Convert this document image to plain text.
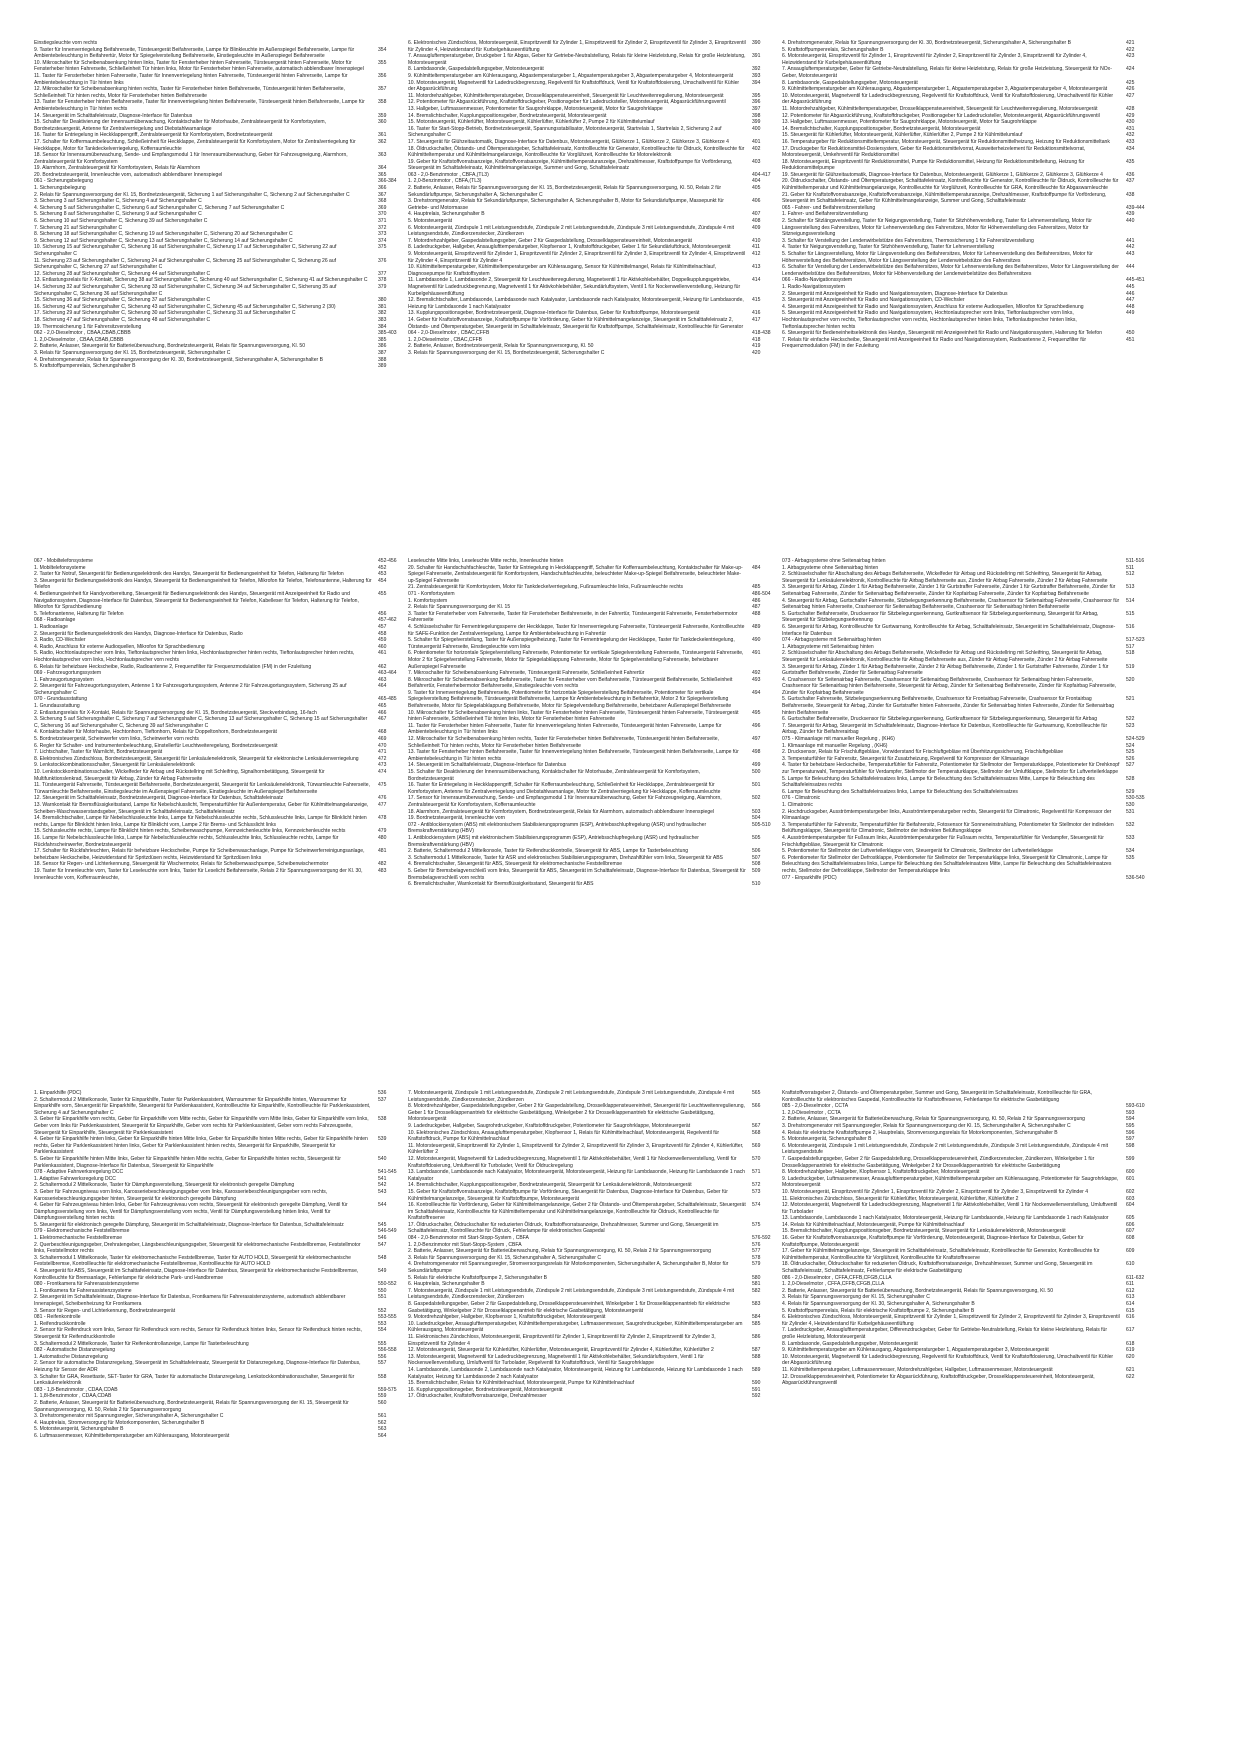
Einstiegsleuchte vorn rechts
9. Taster für Innenverriegelung Beifahrerseite, Türsteuergerät Beifahrerseite, Lampe für Blinkleuchte im Außenspiegel Beifahrerseite, Lampe für Ambientebeleuchtung in Beifahrertür, Motor für Spiegelverstellung Beifahrerseite, Einstiegsleuchte im Außenspiegel Beifahrerseite
354
10. Mikroschalter für Scheibenabsenkung hinten links, Taster für Fensterheber hinten Fahrerseite, Türsteuergerät hinten Fahrerseite, Motor für Fensterheber hinten Fahrerseite, Schließeinheit Tür hinten links, Motor für Fensterheber hinten Fahrerseite, automatisch abblendbarer Innenspiegel
355
11. Taster für Fensterheber hinten Fahrerseite, Taster für Innenverriegelung hinten Fahrerseite, Türsteuergerät hinten Fahrerseite, Lampe für Ambientebeleuchtung in Tür hinten links
356
12. Mikroschalter für Scheibenabsenkung hinten rechts, Taster für Fensterheber hinten Beifahrerseite, Türsteuergerät hinten Beifahrerseite, Schließeinheit Tür hinten rechts, Motor für Fensterheber hinten Beifahrerseite
357
13. Taster für Fensterheber hinten Beifahrerseite, Taster für Innenverriegelung hinten Beifahrerseite, Türsteuergerät hinten Beifahrerseite, Lampe für Ambientebeleuchtung in Tür hinten rechts
358
14. Steuergerät im Schalttafeleinsatz, Diagnose-Interface für Datenbus	359
15. Schalter für Deaktivierung der Innenraumüberwachung, Kontaktschalter für Motorhaube, Zentralsteuergerät für Komfortsystem, Bordnetzsteuergerät, Antenne für Zentralverriegelung und Diebstahlwarnanlage
360
16. Taster für Entriegelung in Heckklappengriff, Zentralsteuergerät für Komfortsystem, Bordnetzsteuergerät	361
17. Schalter für Koffermaumbeleuchtung, Schließeinheit für Heckklappe, Zentralsteuergerät für Komfortsystem, Motor für Zentralverriegelung für Heckklappe, Motor für Tankdeckelverriegelung, Kofferraumleuchte
362
18. Sensor für Innenraumüberwachung, Sende- und Empfangsmodul 1 für Innenraumüberwachung, Geber für Fahrzeugneigung, Alarmhorn, Zentralsteuergerät für Komfortsystem
363
19. Alarmhorn, Zentralsteuergerät für Komfortsystem, Relais für Alarmhorn	364
20. Bordnetzsteuergerät, Innenleuchte vorn, automatisch abblendbarer Innenspiegel	365
061 - Sicherungsbelegung	366-384
1. Sicherungsbelegung	366
2. Relais für Spannungsversorgung der Kl. 15, Bordnetzsteuergerät, Sicherung 1 auf Sicherungshalter C, Sicherung 2 auf Sicherungshalter C	367
3. Sicherung 3 auf Sicherungshalter C, Sicherung 4 auf Sicherungshalter C	368
4. Sicherung 5 auf Sicherungshalter C, Sicherung 6 auf Sicherungshalter C, Sicherung 7 auf Sicherungshalter C	369
5. Sicherung 8 auf Sicherungshalter C, Sicherung 9 auf Sicherungshalter C	370
6. Sicherung 10 auf Sicherungshalter C, Sicherung 39 auf Sicherungshalter C	371
7. Sicherung 21 auf Sicherungshalter C	372
8. Sicherung 18 auf Sicherungshalter C, Sicherung 19 auf Sicherungshalter C, Sicherung 20 auf Sicherungshalter C	373
9. Sicherung 12 auf Sicherungshalter C, Sicherung 13 auf Sicherungshalter C, Sicherung 14 auf Sicherungshalter C	374
10. Sicherung 15 auf Sicherungshalter C, Sicherung 16 auf Sicherungshalter C, Sicherung 17 auf Sicherungshalter C, Sicherung 22 auf Sicherungshalter C
375
11. Sicherung 23 auf Sicherungshalter C, Sicherung 24 auf Sicherungshalter C, Sicherung 25 auf Sicherungshalter C, Sicherung 26 auf Sicherungshalter C, Sicherung 27 auf Sicherungshalter C
376
12. Sicherung 28 auf Sicherungshalter C, Sicherung 44 auf Sicherungshalter C	377
13. Entlastungsrelais für X-Kontakt, Sicherung 38 auf Sicherungshalter C, Sicherung 40 auf Sicherungshalter C, Sicherung 41 auf Sicherungshalter C	378
14. Sicherung 32 auf Sicherungshalter C, Sicherung 33 auf Sicherungshalter C, Sicherung 34 auf Sicherungshalter C, Sicherung 35 auf Sicherungshalter C, Sicherung 36 auf Sicherungshalter C
379
15. Sicherung 36 auf Sicherungshalter C, Sicherung 37 auf Sicherungshalter C	380
16. Sicherung 42 auf Sicherungshalter C, Sicherung 43 auf Sicherungshalter C, Sicherung 45 auf Sicherungshalter C, Sicherung 2 (30)	381
17. Sicherung 29 auf Sicherungshalter C, Sicherung 30 auf Sicherungshalter C, Sicherung 31 auf Sicherungshalter C	382
18. Sicherung 47 auf Sicherungshalter C, Sicherung 48 auf Sicherungshalter C	383
19. Thermosicherung 1 für Fahrersitzverstellung	384
062 - 2,0-Dieselmotor , CBAA,CBAB,CBBB	385-403
1. 2,0-Dieselmotor , CBAA,CBAB,CBBB	385
2. Batterie, Anlasser, Steuergerät für Batterieüberwachung, Bordnetzsteuergerät, Relais für Spannungsversorgung, Kl. 50	386
3. Relais für Spannungsversorgung der Kl. 15, Bordnetzsteuergerät, Sicherungshalter C	387
4. Drehstromgenerator, Relais für Spannungsversorgung der Kl. 30, Bordnetzsteuergerät, Sicherungshalter A, Sicherungshalter B	388
5. Kraftstoffpumpenrelais, Sicherungshalter B	389
6. Elektronisches Zündschloss, Motorsteuergerät, Einspritzventil für Zylinder 1, Einspritzventil für Zylinder 2, Einspritzventil für Zylinder 3, Einspritzventil für Zylinder 4, Heizwiderstand für Kurbelgehäuseentlüftung
390
7. Ansaugluftemperaturgeber, Druckgeber 1 für Abgas, Geber für Getriebe-Neutralstellung, Relais für kleine Heizleistung, Relais für große Heizleistung, Motorsteuergerät
391
8. Lambdasonde, Gaspedalstellungsgeber, Motorsteuergerät	392
9. Kühlmitteltemperaturgeber am Kühlerausgang, Abgastemperaturgeber 1, Abgastemperaturgeber 3, Abgastemperaturgeber 4, Motorsteuergerät	393
10. Motorsteuergerät, Magnetventil für Ladedruckbegrenzung, Regelventil für Kraftstoffdruck, Ventil für Kraftstoffdosierung, Umschaltventil für Kühler der Abgasrückführung
394
11. Motordrehzahlgeber, Kühlmitteltemperaturgeber, Drosselklappensteuereinheit, Steuergerät für Leuchtweitenregulierung, Motorsteuergerät	395
12. Potentiometer für Abgasrückführung, Kraftstoffdruckgeber, Positionsgeber für Ladedrucksteller, Motorsteuergerät, Abgasrückführungsventil	396
13. Hallgeber, Luftmassenmesser, Potentiometer für Saugrohrklappe, Motorsteuergerät, Motor für Saugrohrklappe	397
14. Bremslichtschalter, Kupplungspositionsgeber, Bordnetzsteuergerät, Motorsteuergerät	398
15. Motorsteuergerät, Kühlerlüfter, Motorsteuergerät, Kühlerlüfter, Kühlerlüfter 2, Pumpe 2 für Kühlmittelumlauf	399
16. Taster für Start-Stopp-Betrieb, Bordnetzsteuergerät, Spannungsstabilisator, Motorsteuergerät, Startrelais 1, Startrelais 2, Sicherung 2 auf Sicherungshalter C
400
17. Steuergerät für Glühzeitautomatik, Diagnose-Interface für Datenbus, Motorsteuergerät, Glühkerze 1, Glühkerze 2, Glühkerze 3, Glühkerze 4	401
18. Öldruckschalter, Ölstands- und Öltemperaturgeber, Schalttafeleinsatz, Kontrollleuchte für Generator, Kontrollleuchte für Öldruck, Kontrollleuchte für Kühlmitteltemperatur und Kühlmittelmangelanzeige, Kontrollleuchte für Vorglühzeit, Kontrollleuchte für Motorelektronik
402
19. Geber für Kraftstoffvorratsanzeige, Kraftstoffvorratsanzeige, Kühlmitteltemperaturanzeige, Drehzahlmesser, Kraftstoffpumpe für Vorförderung, Steuergerät im Schalttafeleinsatz, Kühlmittelmangelanzeige, Summer und Gong, Schalttafeleinsatz
403
063 - 2,0-Benzinmotor , CBFA,(TL3)	404-417
1. 2,0-Benzinmotor , CBFA,(TL3)	404
2. Batterie, Anlasser, Relais für Spannungsversorgung der Kl. 15, Bordnetzsteuergerät, Relais für Spannungsversorgung, Kl. 50, Relais 2 für Sekundärluftpumpe, Sicherungshalter A, Sicherungshalter C
405
3. Drehstromgenerator, Relais für Sekundärluftpumpe, Sicherungshalter A, Sicherungshalter B, Motor für Sekundärluftpumpe, Massepunkt für Getriebe- und Motormasse
406
4. Hauptrelais, Sicherungshalter B	407
5. Motorsteuergerät	408
6. Motorsteuergerät, Zündspule 1 mit Leistungsendstufe, Zündspule 2 mit Leistungsendstufe, Zündspule 3 mit Leistungsendstufe, Zündspule 4 mit Leistungsendstufe, Zündkerzenstecker, Zündkerzen
409
7. Motordrehzahlgeber, Gaspedalstellungsgeber, Geber 2 für Gaspedalstellung, Drosselklappensteuereinheit, Motorsteuergerät	410
8. Ladedruckgeber, Hallgeber, Ansauglufttemperaturgeber, Klopfsensor 1, Kraftstoffdruckgeber, Geber 1 für Sekundärluftdruck, Motorsteuergerät	411
9. Motorsteuergerät, Einspritzventil für Zylinder 1, Einspritzventil für Zylinder 2, Einspritzventil für Zylinder 3, Einspritzventil für Zylinder 4, Einspritzventil für Zylinder 4, Einspritzventil für Zylinder 4
412
10. Kühlmitteltemperaturgeber, Kühlmitteltemperaturgeber am Kühlerausgang, Sensor für Kühlmittelmangel, Relais für Kühlmittelnachlauf, Diagnosepumpe für Kraftstoffsystem
413
11. Lambdasonde 1, Lambdasonde 2, Steuergerät für Leuchtweitenregulierung, Magnetventil 1 für Aktivkohlebehälter, Doppelkupplungsgetriebe, Magnetventil für Ladedruckbegrenzung, Magnetventil 1 für Aktivkohlebehälter, Sekundärluftsystem, Ventil 1 für Nockenwellenverstellung, Heizung für Kurbelgehäuseentlüftung
414
12. Bremslichtschalter, Lambdasonde, Lambdasonde nach Katalysator, Lambdasonde nach Katalysator, Motorsteuergerät, Heizung für Lambdasonde, Heizung für Lambdasonde 1 nach Katalysator
415
13. Kupplungspositionsgeber, Bordnetzsteuergerät, Diagnose-Interface für Datenbus, Geber für Kraftstoffpumpe, Motorsteuergerät	416
14. Geber für Kraftstoffvorratsanzeige, Kraftstoffpumpe für Vorförderung, Geber für Kühlmittelmangelanzeige, Steuergerät im Schalttafeleinsatz 2, Ölstands- und Öltemperaturgeber, Steuergerät im Schalttafeleinsatz, Steuergerät für Kraftstoffpumpe, Schalttafeleinsatz, Kontrollleuchte für Generator
417
064 - 2,0-Dieselmotor , CBAC,CFFB	418-438
1. 2,0-Dieselmotor , CBAC,CFFB	418
2. Batterie, Anlasser, Bordnetzsteuergerät, Relais für Spannungsversorgung, Kl. 50	419
3. Relais für Spannungsversorgung der Kl. 15, Bordnetzsteuergerät, Sicherungshalter C	420
4. Drehstromgenerator, Relais für Spannungsversorgung der Kl. 30, Bordnetzsteuergerät, Sicherungshalter A, Sicherungshalter B	421
5. Kraftstoffpumpenrelais, Sicherungshalter B	422
6. Motorsteuergerät, Einspritzventil für Zylinder 1, Einspritzventil für Zylinder 2, Einspritzventil für Zylinder 3, Einspritzventil für Zylinder 4, Heizwiderstand für Kurbelgehäuseentlüftung
423
7. Ansaugluftemperaturgeber, Geber für Getriebe-Neutralstellung, Relais für kleine Heizleistung, Relais für große Heizleistung, Steuergerät für NOx-Geber, Motorsteuergerät
424
8. Lambdasonde, Gaspedalstellungsgeber, Motorsteuergerät	425
9. Kühlmitteltemperaturgeber am Kühlerausgang, Abgastemperaturgeber 1, Abgastemperaturgeber 3, Abgastemperaturgeber 4, Motorsteuergerät	426
10. Motorsteuergerät, Magnetventil für Ladedruckbegrenzung, Regelventil für Kraftstoffdruck, Ventil für Kraftstoffdosierung, Umschaltventil für Kühler der Abgasrückführung
427
11. Motordrehzahlgeber, Kühlmitteltemperaturgeber, Drosselklappensteuereinheit, Steuergerät für Leuchtweitenregulierung, Motorsteuergerät	428
12. Potentiometer für Abgasrückführung, Kraftstoffdruckgeber, Positionsgeber für Ladedrucksteller, Motorsteuergerät, Abgasrückführungsventil	429
13. Hallgeber, Luftmassenmesser, Potentiometer für Saugrohrklappe, Motorsteuergerät, Motor für Saugrohrklappe	430
14. Bremslichtschalter, Kupplungspositionsgeber, Bordnetzsteuergerät, Motorsteuergerät	431
15. Steuergerät für Kühlerlüfter, Motorsteuergerät, Kühlerlüfter, Kühlerlüfter 2, Pumpe 2 für Kühlmittelumlauf	432
16. Temperaturgeber für Reduktionsmitteltemperatur, Motorsteuergerät, Steuergerät für Reduktionsmittelheizung, Heizung für Reduktionsmitteltank	433
17. Drucksgeber für Reduktionsmittel-Dosiersystem, Geber für Reduktionsmittelvorrat, Ausweiterheizelement für Reduktionsmittelvorrat, Motorsteuergerät, Umkehrventil für Reduktionsmittel
434
18. Motorsteuergerät, Einspritzventil für Reduktionsmittel, Pumpe für Reduktionsmittel, Heizung für Reduktionsmittelleitung, Heizung für Reduktionsmittelpumpe
435
19. Steuergerät für Glühzeitautomatik, Diagnose-Interface für Datenbus, Motorsteuergerät, Glühkerze 1, Glühkerze 2, Glühkerze 3, Glühkerze 4	436
20. Öldruckschalter, Ölstands- und Öltemperaturgeber, Schalttafeleinsatz, Kontrollleuchte für Generator, Kontrollleuchte für Öldruck, Kontrollleuchte für Kühlmitteltemperatur und Kühlmittelmangelanzeige, Kontrollleuchte für Vorglühzeit, Kontrollleuchte für GRA, Kontrollleuchte für Abgaswarnleuchte
437
21. Geber für Kraftstoffvorratsanzeige, Kraftstoffvorratsanzeige, Kühlmitteltemperaturanzeige, Drehzahlmesser, Kraftstoffpumpe für Vorförderung, Steuergerät im Schalttafeleinsatz, Geber für Kühlmittelmangelanzeige, Summer und Gong, Schalttafeleinsatz
438
065 - Fahrer- und Beifahrersitzverstellung	439-444
1. Fahrer- und Beifahrersitzverstellung	439
2. Schalter für Sitzlängsverstellung, Taster für Neigungsverstellung, Taster für Sitzhöhenverstellung, Taster für Lehnenverstellung, Motor für Längsverstellung des Fahrersitzes, Motor für Lehnenverstellung des Fahrersitzes, Motor für Höhenverstellung des Fahrersitzes, Motor für Sitzneigungsverstellung
440
3. Schalter für Verstellung der Lendenwirbelstütze des Fahrersitzes, Thermosicherung 1 für Fahrersitzverstellung	441
4. Taster für Neigungsverstellung, Taster für Sitzhöhenverstellung, Taster für Lehnenverstellung	442
5. Schalter für Längsverstellung, Motor für Längsverstellung des Beifahrersitzes, Motor für Lehnenverstellung des Beifahrersitzes, Motor für Höhenverstellung des Beifahrersitzes, Motor für Längsverstellung der Lendenwirbelstütze des Fahrersitzes
443
6. Schalter für Verstellung der Lendenwirbelstütze des Beifahrersitzes, Motor für Lehnenverstellung des Beifahrersitzes, Motor für Längsverstellung der Lendenwirbelstütze des Beifahrersitzes, Motor für Höhenverstellung der Lendenwirbelstütze des Beifahrersitzes
444
066 - Radio-Navigationssystem	445-451
1. Radio-Navigationssystem	445
2. Steuergerät mit Anzeigeeinheit für Radio und Navigationssystem, Diagnose-Interface für Datenbus	446
3. Steuergerät mit Anzeigeeinheit für Radio und Navigationssystem, CD-Wechsler	447
4. Steuergerät mit Anzeigeeinheit für Radio und Navigationssystem, Anschluss für externe Audioquellen, Mikrofon für Sprachbedienung	448
5. Steuergerät mit Anzeigeeinheit für Radio und Navigationssystem, Hochtonlautsprecher vorn links, Tieftonlautsprecher vorn links, Hochtonlautsprecher vorn rechts, Tieftonlautsprecher vorn rechts, Hochtonlautsprecher hinten links, Tieftonlautsprecher hinten links, Tieftonlautsprecher hinten rechts
449
6. Steuergerät für Bedieneinheitselektronik des Handys, Steuergerät mit Anzeigeeinheit für Radio und Navigationssystem, Halterung für Telefon	450
7. Relais für einfache Heckscheibe, Steuergerät mit Anzeigeeinheit für Radio und Navigationssystem, Radioantenne 2, Frequenzfilter für Frequenzmodulation (FM) in der Fzuleitung
451
067 - Mobiltelefonsysteme	452-456
1. Mobiltelefonsysteme	452
2. Taster für Notruf, Steuergerät für Bedienungselektronik des Handys, Steuergerät für Bedienungseinheit für Telefon, Halterung für Telefon	453
3. Steuergerät für Bedienungselektronik des Handys, Steuergerät für Bedienungseinheit für Telefon, Mikrofon für Telefon, Telefonantenne, Halterung für Telefon
454
4. Bedienungseinheit für Handyvorbereitung, Steuergerät für Bedienungselektronik des Handys, Steuergerät mit Anzeigeeinheit für Radio und Navigationssystem, Diagnose-Interface für Datenbus, Steuergerät für Bedienungseinheit für Telefon, Kabelleser für Telefon, Halterung für Telefon, Mikrofon für Sprachbedienung
455
5. Telefonantenne, Halterung für Telefon	456
068 - Radioanlage	457-462
1. Radioanlage	457
2. Steuergerät für Bedienungselektronik des Handys, Diagnose-Interface für Datenbus, Radio	458
3. Radio, CD-Wechsler	459
4. Radio, Anschluss für externe Audioquellen, Mikrofon für Sprachbedienung	460
5. Radio, Hochtonlautsprecher vorn links, Tieftonlautsprecher hinten links, Hochtonlautsprecher hinten rechts, Tieftonlautsprecher hinten rechts, Hochtonlautsprecher vorn links, Hochtonlautsprecher vorn rechts
461
6. Relais für beheizbare Heckscheibe, Radio, Radioantenne 2, Frequenzfilter für Frequenzmodulation (FM) in der Fzuleitung	462
069 - Fahrzeugortungssystem	463-464
1. Fahrzeugortungssystem	463
2. Steuergerät für Fahrzeugortungssystem, Antenne 1 für Fahrzeugortungssystem, Antenne 2 für Fahrzeugortungssystem, Sicherung 25 auf Sicherungshalter C
464
070 - Grundausstattung	465-485
1. Grundausstattung	465
2. Entlastungsrelais für X-Kontakt, Relais für Spannungsversorgung der Kl. 15, Bordnetzsteuergerät, Steckverbindung, 16-fach	466
3. Sicherung 5 auf Sicherungshalter C, Sicherung 7 auf Sicherungshalter C, Sicherung 13 auf Sicherungshalter C, Sicherung 15 auf Sicherungshalter C, Sicherung 16 auf Sicherungshalter C, Sicherung 39 auf Sicherungshalter C
467
4. Kontaktschalter für Motorhaube, Hochtonhorn, Tieftonhorn, Relais für Doppeltonhorn, Bordnetzsteuergerät	468
5. Bordnetzsteuergerät, Scheinwerfer vorn links, Scheinwerfer vorn rechts	469
6. Regler für Schalter- und Instrumentenbeleuchtung, Einstellerfür Leuchtweiteregelung, Bordnetzsteuergerät	470
7. Lichtschalter, Taster für Warnlicht, Bordnetzsteuergerät	471
8. Elektronisches Zündschloss, Bordnetzsteuergerät, Steuergerät für Lenksäulenelektronik, Steuergerät für elektronische Lenksäulenverriegelung	472
9. Lenkstockkombinationsschalter, Steuergerät für Lenksäulenelektronik	473
10. Lenkstockkombinationsschalter, Wickelfeder für Airbag und Rückstellring mit Schleifring, Signalhornbetätigung, Steuergerät für Multifunktionslenkrad, Steuergerät für Airbag, Zünder für Airbag Fahrerseite
474
11. Türsteuergerät Fahrerseite, Türsteuergerät Beifahrerseite, Bordnetzsteuergerät, Steuergerät für Lenksäulenelektronik, Türwarnleuchte Fahrerseite, Türwarnleuchte Beifahrerseite, Einstiegsleuchte im Außenspiegel Fahrerseite, Einstiegsleuchte im Außenspiegel Beifahrerseite
475
12. Steuergerät im Schalttafeleinsatz, Bordnetzsteuergerät, Diagnose-Interface für Datenbus, Schalttafeleinsatz	476
13. Warnkontakt für Bremsflüssigkeitsstand, Lampe für Nebelschlusslicht, Temperaturfühler für Außentemperatur, Geber für Kühlmittelmangelanzeige, Scheiben-Waschwasserstandsgeber, Steuergerät im Schalttafeleinsatz, Schalttafeleinsatz
477
14. Bremslichtschalter, Lampe für Nebelschlussleuchte links, Lampe für Nebelschlussleuchte rechts, Schlussleuchte links, Lampe für Blinklicht hinten rechts, Lampe für Blinklicht hinten links, Lampe für Blinklicht vorn, Lampe 2 für Brems- und Schlusslicht links
478
15. Schlussleuchte rechts, Lampe für Blinklicht hinten rechts, Scheibenwaschpumpe, Kennzeichenleuchte links, Kennzeichenleuchte rechts	479
16. Lampe für Nebelschlussleuchte links, Lampe für Nebelschlussleuchte rechts, Schlussleuchte links, Schlussleuchte rechts, Lampe für Rückfahrscheinwerfer, Bordnetzsteuergerät
480
17. Schalter für Rückfahrleuchten, Relais für beheizbare Heckscheibe, Pumpe für Scheibenwaschanlage, Pumpe für Scheinwerferreinigungsanlage, beheizbare Heckscheibe, Heizwiderstand für Spritzdüsen rechts, Heizwiderstand für Spritzdüsen links
481
18. Sensor für Regen- und Lichterkennung, Steuergerät für Wischermotor, Relais für Scheibenwaschpumpe, Scheibenwischermotor	482
19. Taster für Innenleuchte vorn, Taster für Leseleuchte vorn links, Taster für Leselicht Beifahrerseite, Relais 2 für Spannungsversorgung der Kl. 30, Innenleuchte vorn, Kofferraumleuchte,
483
Leseleuchte Mitte links, Leseleuchte Mitte rechts, Innenleuchte hinten
20. Schalter für Handschuhfachleuchte, Taster für Entriegelung in Heckklappengriff, Schalter für Kofferraumbeleuchtung, Kontaktschalter für Make-up-Spiegel Fahrerseite, Zentralsteuergerät für Komfortsystem, Handschuhfachleuchte, beleuchteter Make-up-Spiegel Beifahrerseite, beleuchteter Make-up-Spiegel Fahrerseite
484
21. Zentralsteuergerät für Komfortsystem, Motor für Tankdeckelverriegelung, Fußraumleuchte links, Fußraumleuchte rechts	485
071 - Komfortsystem	486-504
1. Komfortsystem	486
2. Relais für Spannungsversorgung der Kl. 15	487
3. Taster für Fensterheber vorn Fahrerseite, Taster für Fensterheber Beifahrerseite, in der Fahrertür, Türsteuergerät Fahrerseite, Fensterhebermotor Fahrerseite
488
4. Schlüsselschalter für Fernentriegelungssperre der Heckklappe, Taster für Innenverriegelung Fahrerseite, Türsteuergerät Fahrerseite, Kontrollleuchte für SAFE-Funktion der Zentralverriegelung, Lampe für Ambientebeleuchtung in Fahrertür
489
5. Schalter für Spiegelverstellung, Taster für Außenspiegelheizung, Taster für Fernentriegelung der Heckklappe, Taster für Tankdeckelentriegelung, Türsteuergerät Fahrerseite, Einstiegsleuchte vorn links
490
6. Potentiometer für horizontale Spiegelverstellung Fahrerseite, Potentiometer für vertikale Spiegelverstellung Fahrerseite, Türsteuergerät Fahrerseite, Motor 2 für Spiegelverstellung Fahrerseite, Motor für Spiegelabklappung Fahrerseite, Motor für Spiegelverstellung Fahrerseite, beheizbarer Außenspiegel Fahrerseite
491
7. Mikroschalter für Scheibenabsenkung Fahrerseite, Türsteuergerät Fahrerseite, Schließeinheit Fahrertür	492
8. Mikroschalter für Scheibenabsenkung Beifahrerseite, Taster für Fensterheber vorn Beifahrerseite, Türsteuergerät Beifahrerseite, Schließeinheit Beifahrertür, Fensterhebermotor Beifahrerseite, Einstiegsleuchte vorn rechts
493
9. Taster für Innenverriegelung Beifahrerseite, Potentiometer für horizontale Spiegelverstellung Beifahrerseite, Potentiometer für vertikale Spiegelverstellung Beifahrerseite, Türsteuergerät Beifahrerseite, Lampe für Ambientebeleuchtung in Beifahrertür, Motor 2 für Spiegelverstellung Beifahrerseite, Motor für Spiegelabklappung Beifahrerseite, Motor für Spiegelverstellung Beifahrerseite, beheizbarer Außenspiegel Beifahrerseite
494
10. Mikroschalter für Scheibenabsenkung hinten links, Taster für Fensterheber hinten Fahrerseite, Türsteuergerät hinten Fahrerseite, Türsteuergerät hinten Fahrerseite, Schließeinheit Tür hinten links, Motor für Fensterheber hinten Fahrerseite
495
11. Taster für Fensterheber hinten Fahrerseite, Taster für Innenverriegelung hinten Fahrerseite, Türsteuergerät hinten Fahrerseite, Lampe für Ambientebeleuchtung in Tür hinten links
496
12. Mikroschalter für Scheibenabsenkung hinten rechts, Taster für Fensterheber hinten Beifahrerseite, Türsteuergerät hinten Beifahrerseite, Schließeinheit Tür hinten rechts, Motor für Fensterheber hinten Beifahrerseite
497
13. Taster für Fensterheber hinten Beifahrerseite, Taster für Innenverriegelung hinten Beifahrerseite, Türsteuergerät hinten Beifahrerseite, Lampe für Ambientebeleuchtung in Tür hinten rechts
498
14. Steuergerät im Schalttafeleinsatz, Diagnose-Interface für Datenbus	499
15. Schalter für Deaktivierung der Innenraumüberwachung, Kontaktschalter für Motorhaube, Zentralsteuergerät für Komfortsystem, Bordnetzsteuergerät
500
16. Taster für Entriegelung in Heckklappengriff, Schalter für Kofferraumbeleuchtung, Schließeinheit für Heckklappe, Zentralsteuergerät für Komfortsystem, Antenne für Zentralverriegelung und Diebstahlwarnanlage, Motor für Zentralverriegelung für Heckklappe, Kofferraumleuchte
501
17. Sensor für Innenraumüberwachung, Sende- und Empfangsmodul 1 für Innenraumüberwachung, Geber für Fahrzeugneigung, Alarmhorn, Zentralsteuergerät für Komfortsystem, Kofferraumleuchte
502
18. Alarmhorn, Zentralsteuergerät für Komfortsystem, Bordnetzsteuergerät, Relais für Alarmhorn, automatisch abblendbarer Innenspiegel	503
19. Bordnetzsteuergerät, Innenleuchte vorn	504
072 - Antiblockiersystem (ABS) mit elektronischem Stabilisierungsprogramm (ESP), Antriebsschlupfregelung (ASR) und hydraulischer Bremskraftverstärkung (HBV)
505-510
1. Antiblockiersystem (ABS) mit elektronischem Stabilisierungsprogramm (ESP), Antriebsschlupfregelung (ASR) und hydraulischer Bremskraftverstärkung (HBV)
505
2. Batterie, Schaltermodul 2 Mittelkonsole, Taster für Reifendruckkontrolle, Steuergerät für ABS, Lampe für Tasterbeleuchtung	506
3. Schaltermodul 1 Mittelkonsole, Taster für ASR und elektronisches Stabilisierungsprogramm, Drehzahlfühler vorn links, Steuergerät für ABS	507
4. Bremslichtschalter, Steuergerät für ABS, Steuergerät für elektromechanische Feststellbremse	508
5. Geber für Bremsbelagverschleiß vorn links, Steuergerät für ABS, Steuergerät im Schalttafeleinsatz, Diagnose-Interface für Datenbus, Steuergerät für Bremsbelagverschleiß vorn rechts
509
6. Bremslichtschalter, Warnkontakt für Bremsflüssigkeitsstand, Steuergerät für ABS	510
073 - Airbagsysteme ohne Seitenairbag hinten	511-516
1. Airbagsysteme ohne Seitenairbag hinten	511
2. Schlüsselschalter für Abschaltung des Airbags Beifahrerseite, Wickelfeder für Airbag und Rückstellring mit Schleifring, Steuergerät für Airbag, Steuergerät für Lenksäulenelektronik, Kontrollleuchte für Airbag Beifahrerseite aus, Zünder für Airbag Fahrerseite, Zünder 2 für Airbag Fahrerseite
512
3. Steuergerät für Airbag, Zünder 1 für Airbag Beifahrerseite, Zünder 1 für Gurtstraffer Fahrerseite, Zünder 1 für Gurtstraffer Beifahrerseite, Zünder für Seitenairbag Fahrerseite, Zünder für Seitenairbag Beifahrerseite, Zünder für Kopfairbag Fahrerseite, Zünder für Kopfairbag Beifahrerseite
513
4. Steuergerät für Airbag, Gurtschalter Fahrerseite, Sitzbelegungserkennung Beifahrerseite, Crashsensor für Seitenairbag Fahrerseite, Crashsensor für Seitenairbag hinten Fahrerseite, Crashsensor für Seitenairbag Beifahrerseite, Crashsensor für Seitenairbag hinten Beifahrerseite
514
5. Gurtschalter Beifahrerseite, Drucksensor für Sitzbelegungserkennung, Gurtkraftsensor für Sitzbelegungserkennung, Steuergerät für Airbag, Steuergerät für Sitzbelegungserkennung
515
6. Steuergerät für Airbag, Kontrollleuchte für Gurtwarnung, Kontrollleuchte für Airbag, Schalttafeleinsatz, Steuergerät im Schalttafeleinsatz, Diagnose-Interface für Datenbus
516
074 - Airbagsysteme mit Seitenairbag hinten	517-523
1. Airbagsysteme mit Seitenairbag hinten	517
2. Schlüsselschalter für Abschaltung des Airbags Beifahrerseite, Wickelfeder für Airbag und Rückstellring mit Schleifring, Steuergerät für Airbag, Steuergerät für Lenksäulenelektronik, Kontrollleuchte für Airbag Beifahrerseite aus, Zünder für Airbag Fahrerseite, Zünder 2 für Airbag Fahrerseite
518
3. Steuergerät für Airbag, Zünder 1 für Airbag Beifahrerseite, Zünder 2 für Airbag Beifahrerseite, Zünder 1 für Gurtstraffer Fahrerseite, Zünder 1 für Gurtstraffer Beifahrerseite, Zünder für Seitenairbag Fahrerseite
519
4. Crashsensor für Seitenairbag Fahrerseite, Crashsensor für Seitenairbag Beifahrerseite, Crashsensor für Seitenairbag hinten Fahrerseite, Crashsensor für Seitenairbag hinten Beifahrerseite, Steuergerät für Airbag, Zünder für Seitenairbag Beifahrerseite, Zünder für Kopfairbag Fahrerseite, Zünder für Kopfairbag Beifahrerseite
520
5. Gurtschalter Fahrerseite, Sitzbelegungserkennung Beifahrerseite, Crashsensor für Frontairbag Fahrerseite, Crashsensor für Frontairbag Beifahrerseite, Steuergerät für Airbag, Zünder für Gurtstraffer hinten Fahrerseite, Zünder für Seitenairbag hinten Fahrerseite, Zünder für Seitenairbag hinten Beifahrerseite
521
6. Gurtschalter Beifahrerseite, Drucksensor für Sitzbelegungserkennung, Gurtkraftsensor für Sitzbelegungserkennung, Steuergerät für Airbag	522
7. Steuergerät für Airbag, Steuergerät im Schalttafeleinsatz, Diagnose-Interface für Datenbus, Kontrollleuchte für Gurtwarnung, Kontrollleuchte für Airbag, Zünder für Beifahrerairbag
523
075 - Klimaanlage mit manueller Regelung , (KH6)	524-529
1. Klimaanlage mit manueller Regelung , (KH6)	524
2. Drucksensor, Relais für Frischluftgebläse, Vorwiderstand für Frischluftgebläse mit Überhitzungssicherung, Frischluftgebläse	525
3. Temperaturfühler für Fahrersitz, Steuergerät für Zusatzheizung, Regelventil für Kompressor der Klimaanlage	526
4. Taster für beheizbare Heckscheibe, Temperaturfühler für Fahrersitz, Potentiometer für Stellmotor der Temperaturklappe, Potentiometer für Drehknopf zur Temperaturwahl, Temperaturfühler für Verdampfer, Stellmotor der Temperaturklappe, Stellmotor der Umluftklappe, Stellmotor für Luftverteilerklappe
527
5. Lampe für Beleuchtung des Schalttafeleinsatzes links, Lampe für Beleuchtung des Schalttafeleinsatzes Mitte, Lampe für Beleuchtung des Schalttafeleinsatzes rechts
528
6. Lampe für Beleuchtung des Schalttafeleinsatzes links, Lampe für Beleuchtung des Schalttafeleinsatzes	529
076 - Climatronic	530-535
1. Climatronic	530
2. Hochdrucksgeber, Ausströmtemperaturgeber links, Ausströmtemperaturgeber rechts, Steuergerät für Climatronic, Regelventil für Kompressor der Klimaanlage
531
3. Temperaturfühler für Fahrersitz, Temperaturfühler für Beifahrersitz, Fotosensor für Sonneneinstrahlung, Potentiometer für Stellmotor der indirekten Belüftungsklappe, Steuergerät für Climatronic, Stellmotor der indirekten Belüftungsklappe
532
4. Ausströmtemperaturgeber für Fußraum links, Ausströmtemperaturgeber für Fußraum rechts, Temperaturfühler für Verdampfer, Steuergerät für Frischluftgebläse, Steuergerät für Climatronic
533
5. Potentiometer für Stellmotor der Luftverteilerklappe vorn, Steuergerät für Climatronic, Stellmotor der Luftverteilerklappe	534
6. Potentiometer für Stellmotor der Defrostklappe, Potentiometer für Stellmotor der Temperaturklappe links, Steuergerät für Climatronic, Lampe für Beleuchtung des Schalttafeleinsatzes links, Lampe für Beleuchtung des Schalttafeleinsatzes Mitte, Lampe für Beleuchtung des Schalttafeleinsatzes rechts, Stellmotor der Defrostklappe, Stellmotor der Temperaturklappe links
535
077 - Einparkhilfe (PDC)	536-540
1. Einparkhilfe (PDC)	536
2. Schaltermodul 2 Mittelkonsole, Taster für Einparkhilfe, Taster für Parklenkassistent, Warnsummer für Einparkhilfe hinten, Warnsummer für Einparkhilfe vorn, Steuergerät für Einparkhilfe, Steuergerät für Parklenkassistent, Kontrollleuchte für Einparkhilfe, Kontrollleuchte für Parklenkassistent, Sicherung 4 auf Sicherungshalter C
537
3. Geber für Einparkhilfe vorn rechts, Geber für Einparkhilfe vorn Mitte rechts, Geber für Einparkhilfe vorn Mitte links, Geber für Einparkhilfe vorn links, Geber vorn links für Parklenkassistent, Steuergerät für Einparkhilfe, Geber vorn rechts für Parklenkassistent, Geber vorn rechts Fahrzeugseite, Steuergerät für Einparkhilfe, Steuergerät für Parklenkassistent
538
4. Geber für Einparkhilfe hinten links, Geber für Einparkhilfe hinten Mitte links, Geber für Einparkhilfe hinten Mitte rechts, Geber für Einparkhilfe hinten rechts, Geber für Parklenkassistent hinten links, Geber für Parklenkassistent hinten rechts, Steuergerät für Einparkhilfe, Steuergerät für Parklenkassistent
539
5. Geber für Einparkhilfe hinten Mitte links, Geber für Einparkhilfe hinten Mitte rechts, Geber für Einparkhilfe hinten rechts, Steuergerät für Parklenkassistent, Diagnose-Interface für Datenbus, Steuergerät für Einparkhilfe
540
078 - Adaptive Fahrwerksregelung DCC	541-545
1. Adaptive Fahrwerksregelung DCC	541
2. Schaltermodul 2 Mittelkonsole, Taster für Dämpfungsverstellung, Steuergerät für elektronisch geregelte Dämpfung	542
3. Geber für Fahrzeugniveau vorn links, Karosseriebeschleunigungsgeber vorn links, Karosseriebeschleunigungsgeber vorn rechts, Karosseriebeschleunigungsgeber hinten, Steuergerät für elektronisch geregelte Dämpfung
543
4. Geber für Fahrzeugniveau hinten links, Geber für Fahrzeugniveau vorn rechts, Steuergerät für elektronisch geregelte Dämpfung, Ventil für Dämpfungsverstellung vorn links, Ventil für Dämpfungsverstellung vorn rechts, Ventil für Dämpfungsverstellung hinten links, Ventil für Dämpfungsverstellung hinten rechts
544
5. Steuergerät für elektronisch geregelte Dämpfung, Steuergerät im Schalttafeleinsatz, Diagnose-Interface für Datenbus, Schalttafeleinsatz	545
079 - Elektromechanische Feststellbremse	546-549
1. Elektromechanische Feststellbremse	546
2. Querbeschleunigungsgeber, Drehratengeber, Längsbeschleunigungsgeber, Steuergerät für elektromechanische Feststellbremse, Feststellmotor links, Feststellmotor rechts
547
3. Schaltermodul 1 Mittelkonsole, Taster für elektromechanische Feststellbremse, Taster für AUTO HOLD, Steuergerät für elektromechanische Feststellbremse, Kontrollleuchte für elektromechanische Feststellbremse, Kontrollleuchte für AUTO HOLD
548
4. Steuergerät für ABS, Steuergerät im Schalttafeleinsatz, Diagnose-Interface für Datenbus, Steuergerät für elektromechanische Feststellbremse, Kontrollleuchte für Bremsanlage, Fehlerlampe für elektrische Park- und Handbremse
549
080 - Frontkamera für Fahrerassistenzsysteme	550-552
1. Frontkamera für Fahrerassistenzsysteme	550
2. Steuergerät im Schalttafeleinsatz, Diagnose-Interface für Datenbus, Frontkamera für Fahrerassistenzsysteme, automatisch abblendbarer Innenspiegel, Scheibenheizung für Frontkamera
551
3. Sensor für Regen- und Lichterkennung, Bordnetzsteuergerät	552
081 - Reifenkontrolle	553-555
1. Reifendruckkontrolle	553
2. Sensor für Reifendruck vorn links, Sensor für Reifendruck vorn rechts, Sensor für Reifendruck hinten links, Sensor für Reifendruck hinten rechts, Steuergerät für Reifendruckkontrolle
554
3. Schaltermodul 2 Mittelkonsole, Taster für Reifenkontrollanzeige, Lampe für Tasterbeleuchtung	555
082 - Automatische Distanzregelung	556-558
1. Automatische Distanzregelung	556
2. Sensor für automatische Distanzregelung, Steuergerät im Schalttafeleinsatz, Steuergerät für Distanzregelung, Diagnose-Interface für Datenbus, Heizung für Sensor der ADR
557
3. Schalter für GRA, Resettaste, SET-Taster für GRA, Taster für automatische Distanzregelung, Lenkstockkombinationsschalter, Steuergerät für Lenksäulenelektronik
558
083 - 1,8-Benzinmotor , CDAA,CDAB	559-575
1. 1,8l-Benzinmotor , CDAA,CDAB	559
2. Batterie, Anlasser, Steuergerät für Batterieüberwachung, Bordnetzsteuergerät, Relais für Spannungsversorgung der Kl. 15, Steuergerät für Spannungsversorgung, Kl. 50, Relais 2 für Spannungsversorgung
560
3. Drehstromgenerator mit Spannungsregler, Sicherungshalter A, Sicherungshalter C	561
4. Hauptrelais, Stromversorgung für Motorkomponenten, Sicherungshalter B	562
5. Motorsteuergerät, Sicherungshalter B	563
6. Luftmassenmesser, Kühlmitteltemperaturgeber am Kühlerausgang, Motorsteuergerät	564
7. Motorsteuergerät, Zündspule 1 mit Leistungsendstufe, Zündspule 2 mit Leistungsendstufe, Zündspule 3 mit Leistungsendstufe, Zündspule 4 mit Leistungsendstufe, Zündkerzenstecker, Zündkerzen
565
8. Motordrehzahlgeber, Gaspedalstellungsgeber, Geber 2 für Gaspedalstellung, Drosselklappensteuereinheit, Steuergerät für Leuchtweitenregulierung, Geber 1 für Drosselklappenantrieb für elektrische Gasbetätigung, Winkelgeber 2 für Drosselklappenantrieb für elektrische Gasbetätigung, Motorsteuergerät
566
9. Ladedruckgeber, Hallgeber, Saugrohrdruckgeber, Kraftstoffdruckgeber, Potentiometer für Saugrohrklappe, Motorsteuergerät	567
10. Elektronisches Zündschloss, Ansauglufttemperaturgeber, Klopfsensor 1, Relais für Kühlmittelnachlauf, Motorsteuergerät, Regelventil für Kraftstoffdruck, Pumpe für Kühlmittelnachlauf
568
11. Motorsteuergerät, Einspritzventil für Zylinder 1, Einspritzventil für Zylinder 2, Einspritzventil für Zylinder 3, Einspritzventil für Zylinder 4, Kühlerlüfter, Kühlerlüfter 2
569
12. Motorsteuergerät, Magnetventil für Ladedruckbegrenzung, Magnetventil 1 für Aktivkohlebehälter, Ventil 1 für Nockenwellenverstellung, Ventil für Kraftstoffdosierung, Umluftventil für Turbolader, Ventil für Öldruckregelung
570
13. Lambdasonde, Lambdasonde nach Katalysator, Motorsteuergerät, Motorsteuergerät, Heizung für Lambdasonde, Heizung für Lambdasonde 1 nach Katalysator
571
14. Bremslichtschalter, Kupplungspositionsgeber, Bordnetzsteuergerät, Steuergerät für Lenksäulenelektronik, Motorsteuergerät	572
15. Geber für Kraftstoffvorratsanzeige, Kraftstoffpumpe für Vorförderung, Steuergerät für Datenbus, Diagnose-Interface für Datenbus, Geber für Kühlmittelmangelanzeige, Steuergerät für Kraftstoffpumpe, Motorsteuergerät
573
16. Kontrollleuchte für Vorförderung, Geber für Kühlmittelmangelanzeige, Geber 2 für Ölstands- und Öltemperaturgeber, Schalttafeleinsatz, Steuergerät im Schalttafeleinsatz, Kontrollleuchte für Kühlmitteltemperatur und Kühlmittelmangelanzeige, Kontrollleuchte für Öldruck, Kontrollleuchte für Kraftstoffreserve
574
17. Öldruckschalter, Öldruckschalter für reduzierten Öldruck, Kraftstoffvorratsanzeige, Drehzahlmesser, Summer und Gong, Steuergerät im Schalttafeleinsatz, Kontrollleuchte für Öldruck, Fehlerlampe für elektronisches Gaspedal
575
084 - 2,0-Benzinmotor mit Start-Stopp-System , CBFA	576-592
1. 2,0-Benzinmotor mit Start-Stopp-System , CBFA	576
2. Batterie, Anlasser, Steuergerät für Batterieüberwachung, Relais für Spannungsversorgung, Kl. 50, Relais 2 für Spannungsversorgung	577
3. Relais für Spannungsversorgung der Kl. 15, Sicherungshalter A, Sicherungshalter C	578
4. Drehstromgenerator mit Spannungsregler, Stromversorgungsrelais für Motorkomponenten, Sicherungshalter A, Sicherungshalter B, Motor für Sekundärluftpumpe
579
5. Relais für elektrische Kraftstoffpumpe 2, Sicherungshalter B	580
6. Hauptrelais, Sicherungshalter B	581
7. Motorsteuergerät, Zündspule 1 mit Leistungsendstufe, Zündspule 2 mit Leistungsendstufe, Zündspule 3 mit Leistungsendstufe, Zündspule 4 mit Leistungsendstufe, Zündkerzenstecker, Zündkerzen
582
8. Gaspedalstellungsgeber, Geber 2 für Gaspedalstellung, Drosselklappensteuereinheit, Winkelgeber 1 für Drosselklappenantrieb für elektrische Gasbetätigung, Winkelgeber 2 für Drosselklappenantrieb für elektrische Gasbetätigung, Motorsteuergerät
583
9. Motordrehzahlgeber, Hallgeber, Klopfsensor 1, Kraftstoffdruckgeber, Motorsteuergerät	584
10. Ladedruckgeber, Ansauglufttemperaturgeber, Kühlmitteltemperaturgeber, Luftmassenmesser, Saugrohrdruckgeber, Kühlmitteltemperaturgeber am Kühlerausgang, Motorsteuergerät
585
11. Elektronisches Zündschloss, Motorsteuergerät, Einspritzventil für Zylinder 1, Einspritzventil für Zylinder 2, Einspritzventil für Zylinder 3, Einspritzventil für Zylinder 4
586
12. Motorsteuergerät, Steuergerät für Kühlerlüfter, Kühlerlüfter, Motorsteuergerät, Einspritzventil für Zylinder 4, Kühlerlüfter, Kühlerlüfter 2	587
13. Motorsteuergerät, Magnetventil für Ladedruckbegrenzung, Magnetventil 1 für Aktivkohlebehälter, Sekundärluftsystem, Ventil 1 für Nockenwellenverstellung, Umluftventil für Turbolader, Regelventil für Kraftstoffdruck, Ventil für Saugrohrklappe
588
14. Lambdasonde, Lambdasonde 2, Lambdasonde nach Katalysator, Motorsteuergerät, Heizung für Lambdasonde, Heizung für Lambdasonde 1 nach Katalysator, Heizung für Lambdasonde 2 nach Katalysator
589
15. Bremslichtschalter, Relais für Kühlmittelnachlauf, Motorsteuergerät, Pumpe für Kühlmittelnachlauf	590
16. Kupplungspositionsgeber, Bordnetzsteuergerät, Motorsteuergerät	591
17. Öldruckschalter, Kraftstoffvorratsanzeige, Drehzahlmesser	592
Kraftstoffvorratsgeber 2, Ölstands- und Öltemperaturgeber, Summer und Gong, Steuergerät im Schalttafeleinsatz, Kontrollleuchte für GRA, Kontrollleuchte für elektronisches Gaspedal, Kontrollleuchte für Kraftstoffreserve, Fehlerlampe für elektrische Gasbetätigung
085 - 2,0-Dieselmotor , CCTA	593-610
1. 2,0-Dieselmotor , CCTA	593
2. Batterie, Anlasser, Steuergerät für Batterieüberwachung, Relais für Spannungsversorgung, Kl. 50, Relais 2 für Spannungsversorgung	594
3. Drehstromgenerator mit Spannungsregler, Relais für Spannungsversorgung der Kl. 15, Sicherungshalter A, Sicherungshalter C	595
4. Relais für elektrische Kraftstoffpumpe 2, Hauptrelais, Stromversorgungsrelais für Motorkomponenten, Sicherungshalter B	596
5. Motorsteuergerät, Sicherungshalter B	597
6. Motorsteuergerät, Zündspule 1 mit Leistungsendstufe, Zündspule 2 mit Leistungsendstufe, Zündspule 3 mit Leistungsendstufe, Zündspule 4 mit Leistungsendstufe
598
7. Gaspedalstellungsgeber, Geber 2 für Gaspedalstellung, Drosselklappensteuereinheit, Zündkerzenstecker, Zündkerzen, Winkelgeber 1 für Drosselklappenantrieb für elektrische Gasbetätigung, Winkelgeber 2 für Drosselklappenantrieb für elektrische Gasbetätigung
599
8. Motordrehzahlgeber, Hallgeber, Klopfsensor 1, Kraftstoffdruckgeber, Motorsteuergerät	600
9. Ladedruckgeber, Luftmassenmesser, Ansauglufttemperaturgeber, Kühlmitteltemperaturgeber am Kühlerausgang, Potentiometer für Saugrohrklappe, Motorsteuergerät
601
10. Motorsteuergerät, Einspritzventil für Zylinder 1, Einspritzventil für Zylinder 2, Einspritzventil für Zylinder 3, Einspritzventil für Zylinder 4	602
11. Elektronisches Zündschloss, Steuergerät für Kühlerlüfter, Motorsteuergerät, Kühlerlüfter, Kühlerlüfter 2	603
12. Motorsteuergerät, Magnetventil für Ladedruckbegrenzung, Magnetventil 1 für Aktivkohlebehälter, Ventil 1 für Nockenwellenverstellung, Umluftventil für Turbolader
604
13. Lambdasonde, Lambdasonde 1 nach Katalysator, Motorsteuergerät, Heizung für Lambdasonde, Heizung für Lambdasonde 1 nach Katalysator	605
14. Relais für Kühlmittelnachlauf, Motorsteuergerät, Pumpe für Kühlmittelnachlauf	606
15. Bremslichtschalter, Kupplungspositionsgeber, Bordnetzsteuergerät, Steuergerät für Lenksäulenelektronik, Motorsteuergerät	607
16. Geber für Kraftstoffvorratsanzeige, Kraftstoffpumpe für Vorförderung, Motorsteuergerät, Diagnose-Interface für Datenbus, Geber für Kraftstoffpumpe, Motorsteuergerät
608
17. Geber für Kühlmittelmangelanzeige, Steuergerät im Schalttafeleinsatz, Schalttafeleinsatz, Kontrollleuchte für Generator, Kontrollleuchte für Kühlmitteltemperatur, Kontrollleuchte für Vorglühzeit, Kontrollleuchte für Kraftstoffreserve
609
18. Öldruckschalter, Öldruckschalter für reduzierten Öldruck, Kraftstoffvorratsanzeige, Drehzahlmesser, Summer und Gong, Steuergerät im Schalttafeleinsatz, Schalttafeleinsatz, Fehlerlampe für elektrische Gasbetätigung
610
086 - 2,0-Dieselmotor , CFFA,CFFB,CFGB,CLLA	611-632
1. 2,0-Dieselmotor , CFFA,CFFB,CFGB,CLLA	611
2. Batterie, Anlasser, Steuergerät für Batterieüberwachung, Bordnetzsteuergerät, Relais für Spannungsversorgung, Kl. 50	612
3. Relais für Spannungsversorgung der Kl. 15, Sicherungshalter C	613
4. Relais für Spannungsversorgung der Kl. 30, Sicherungshalter A, Sicherungshalter B	614
5. Kraftstoffpumpenrelais, Relais für elektrische Kraftstoffpumpe 2, Sicherungshalter B	615
6. Elektronisches Zündschloss, Motorsteuergerät, Einspritzventil für Zylinder 1, Einspritzventil für Zylinder 2, Einspritzventil für Zylinder 3, Einspritzventil für Zylinder 4, Heizwiderstand für Kurbelgehäuseentlüftung
616
7. Ladedruckgeber, Ansauglufttemperaturgeber, Differenzdruckgeber, Geber für Getriebe-Neutralstellung, Relais für kleine Heizleistung, Relais für große Heizleistung, Motorsteuergerät
617
8. Lambdasonde, Gaspedalstellungsgeber, Motorsteuergerät	618
9. Kühlmitteltemperaturgeber am Kühlerausgang, Abgastemperaturgeber 1, Abgastemperaturgeber 3, Motorsteuergerät	619
10. Motorsteuergerät, Magnetventil für Ladedruckbegrenzung, Regelventil für Kraftstoffdruck, Ventil für Kraftstoffdosierung, Umschaltventil für Kühler der Abgasrückführung
620
11. Kühlmitteltemperaturgeber, Luftmassenmesser, Motordrehzahlgeber, Hallgeber, Luftmassenmesser, Motorsteuergerät	621
12. Drosselklappensteuereinheit, Potentiometer für Abgasrückführung, Kraftstoffdruckgeber, Drosselklappensteuereinheit, Motorsteuergerät, Abgasrückführungsventil
622
